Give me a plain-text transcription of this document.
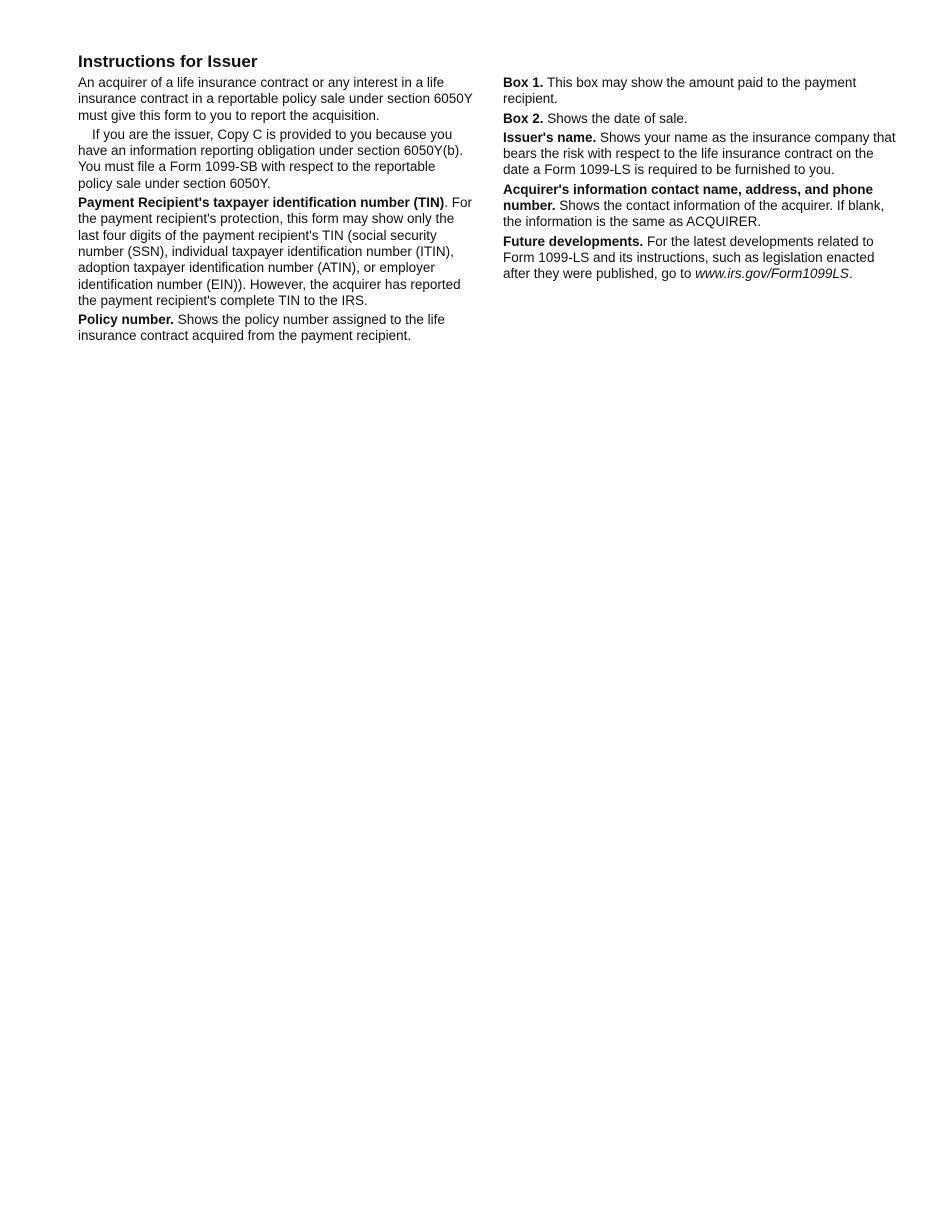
Instructions for Issuer

An acquirer of a life insurance contract or any interest in a life insurance contract in a reportable policy sale under section 6050Y must give this form to you to report the acquisition.

If you are the issuer, Copy C is provided to you because you have an information reporting obligation under section 6050Y(b). You must file a Form 1099-SB with respect to the reportable policy sale under section 6050Y.

Payment Recipient's taxpayer identification number (TIN). For the payment recipient's protection, this form may show only the last four digits of the payment recipient's TIN (social security number (SSN), individual taxpayer identification number (ITIN), adoption taxpayer identification number (ATIN), or employer identification number (EIN)). However, the acquirer has reported the payment recipient's complete TIN to the IRS.

Policy number. Shows the policy number assigned to the life insurance contract acquired from the payment recipient.

Box 1. This box may show the amount paid to the payment recipient.

Box 2. Shows the date of sale.

Issuer's name. Shows your name as the insurance company that bears the risk with respect to the life insurance contract on the date a Form 1099-LS is required to be furnished to you.

Acquirer's information contact name, address, and phone number. Shows the contact information of the acquirer. If blank, the information is the same as ACQUIRER.

Future developments. For the latest developments related to Form 1099-LS and its instructions, such as legislation enacted after they were published, go to www.irs.gov/Form1099LS.
